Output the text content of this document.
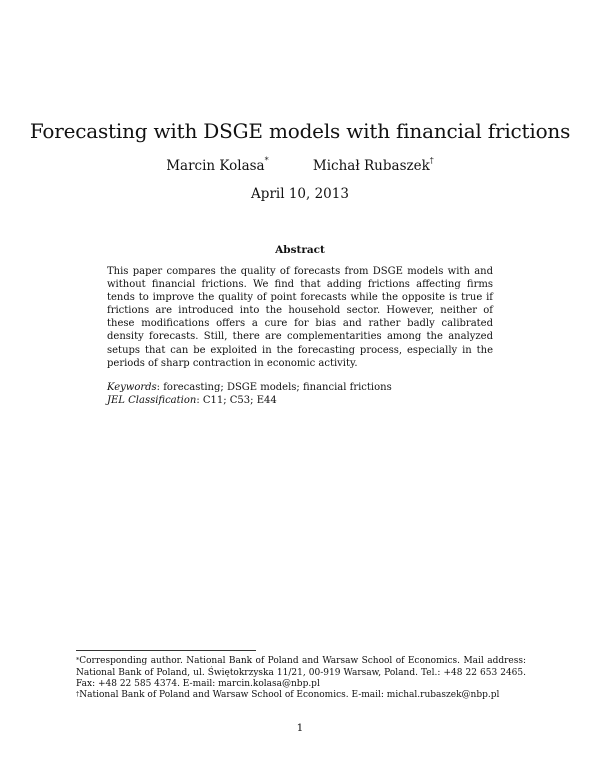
Forecasting with DSGE models with financial frictions
Marcin Kolasa*	Michał Rubaszek†
April 10, 2013
Abstract
This paper compares the quality of forecasts from DSGE models with and without financial frictions. We find that adding frictions affecting firms tends to improve the quality of point forecasts while the opposite is true if frictions are introduced into the household sector. However, neither of these modifications offers a cure for bias and rather badly calibrated density forecasts. Still, there are complementarities among the analyzed setups that can be exploited in the forecasting process, especially in the periods of sharp contraction in economic activity.
Keywords: forecasting; DSGE models; financial frictions
JEL Classification: C11; C53; E44
*Corresponding author. National Bank of Poland and Warsaw School of Economics. Mail address: National Bank of Poland, ul. Świętokrzyska 11/21, 00-919 Warsaw, Poland. Tel.: +48 22 653 2465. Fax: +48 22 585 4374. E-mail: marcin.kolasa@nbp.pl
†National Bank of Poland and Warsaw School of Economics. E-mail: michal.rubaszek@nbp.pl
1
